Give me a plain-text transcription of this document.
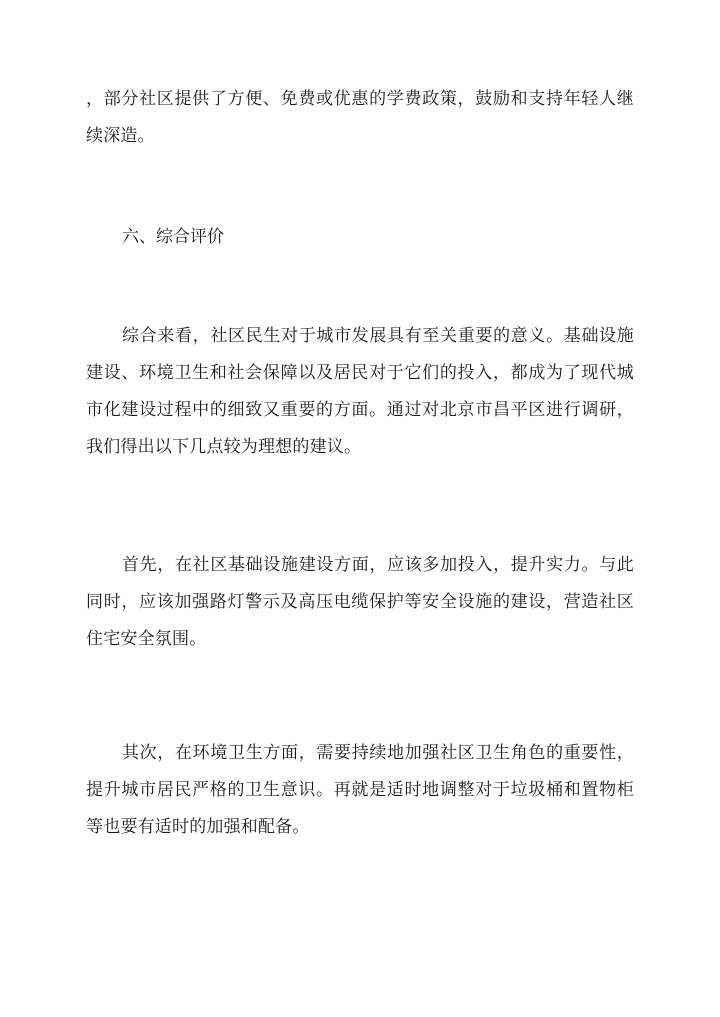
，部分社区提供了方便、免费或优惠的学费政策，鼓励和支持年轻人继续深造。

六、综合评价

综合来看，社区民生对于城市发展具有至关重要的意义。基础设施建设、环境卫生和社会保障以及居民对于它们的投入，都成为了现代城市化建设过程中的细致又重要的方面。通过对北京市昌平区进行调研，我们得出以下几点较为理想的建议。

首先，在社区基础设施建设方面，应该多加投入，提升实力。与此同时，应该加强路灯警示及高压电缆保护等安全设施的建设，营造社区住宅安全氛围。

其次，在环境卫生方面，需要持续地加强社区卫生角色的重要性，提升城市居民严格的卫生意识。再就是适时地调整对于垃圾桶和置物柜等也要有适时的加强和配备。
